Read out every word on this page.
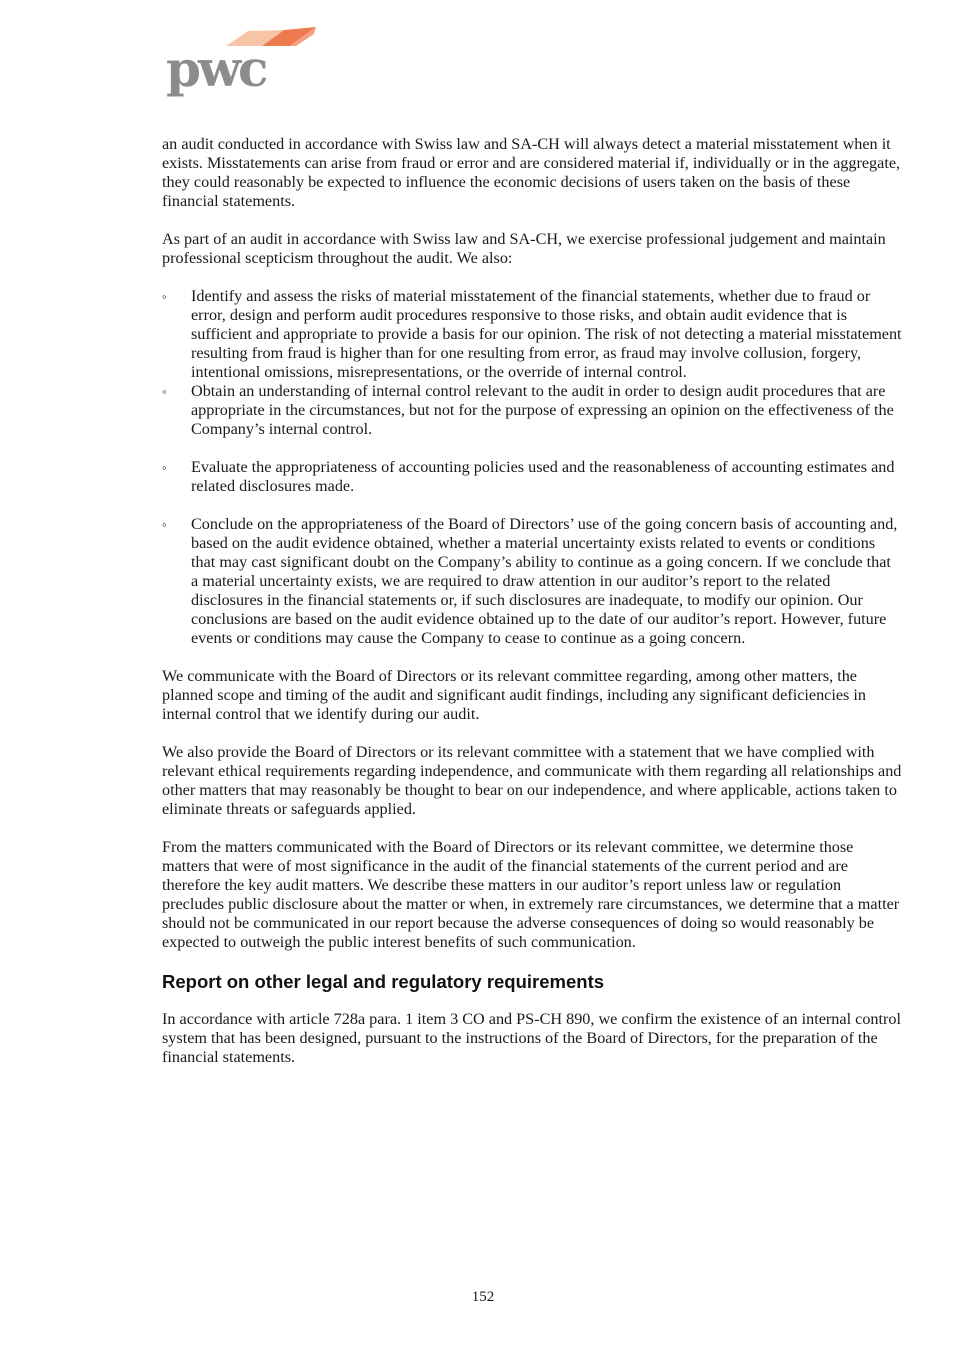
pwc

an audit conducted in accordance with Swiss law and SA-CH will always detect a material misstatement when it exists. Misstatements can arise from fraud or error and are considered material if, individually or in the aggregate, they could reasonably be expected to influence the economic decisions of users taken on the basis of these financial statements.

As part of an audit in accordance with Swiss law and SA-CH, we exercise professional judgement and maintain professional scepticism throughout the audit. We also:

◦ Identify and assess the risks of material misstatement of the financial statements, whether due to fraud or error, design and perform audit procedures responsive to those risks, and obtain audit evidence that is sufficient and appropriate to provide a basis for our opinion. The risk of not detecting a material misstatement resulting from fraud is higher than for one resulting from error, as fraud may involve collusion, forgery, intentional omissions, misrepresentations, or the override of internal control.
◦ Obtain an understanding of internal control relevant to the audit in order to design audit procedures that are appropriate in the circumstances, but not for the purpose of expressing an opinion on the effectiveness of the Company’s internal control.
◦ Evaluate the appropriateness of accounting policies used and the reasonableness of accounting estimates and related disclosures made.
◦ Conclude on the appropriateness of the Board of Directors’ use of the going concern basis of accounting and, based on the audit evidence obtained, whether a material uncertainty exists related to events or conditions that may cast significant doubt on the Company’s ability to continue as a going concern. If we conclude that a material uncertainty exists, we are required to draw attention in our auditor’s report to the related disclosures in the financial statements or, if such disclosures are inadequate, to modify our opinion. Our conclusions are based on the audit evidence obtained up to the date of our auditor’s report. However, future events or conditions may cause the Company to cease to continue as a going concern.

We communicate with the Board of Directors or its relevant committee regarding, among other matters, the planned scope and timing of the audit and significant audit findings, including any significant deficiencies in internal control that we identify during our audit.

We also provide the Board of Directors or its relevant committee with a statement that we have complied with relevant ethical requirements regarding independence, and communicate with them regarding all relationships and other matters that may reasonably be thought to bear on our independence, and where applicable, actions taken to eliminate threats or safeguards applied.

From the matters communicated with the Board of Directors or its relevant committee, we determine those matters that were of most significance in the audit of the financial statements of the current period and are therefore the key audit matters. We describe these matters in our auditor’s report unless law or regulation precludes public disclosure about the matter or when, in extremely rare circumstances, we determine that a matter should not be communicated in our report because the adverse consequences of doing so would reasonably be expected to outweigh the public interest benefits of such communication.

Report on other legal and regulatory requirements

In accordance with article 728a para. 1 item 3 CO and PS-CH 890, we confirm the existence of an internal control system that has been designed, pursuant to the instructions of the Board of Directors, for the preparation of the financial statements.

152
